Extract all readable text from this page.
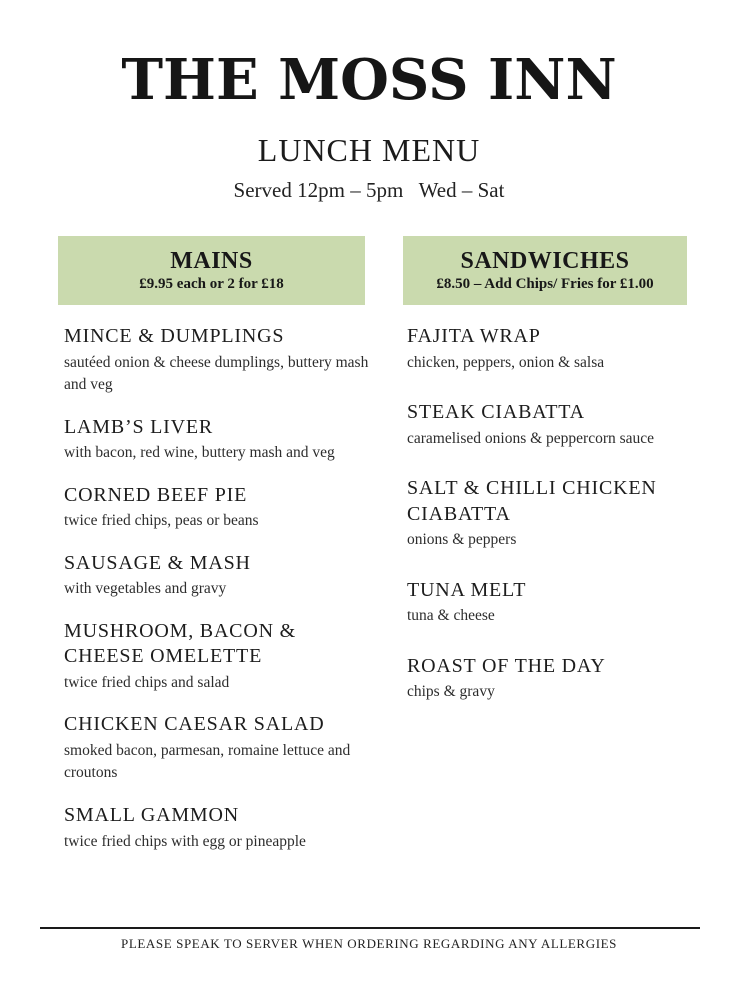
THE MOSS INN
LUNCH MENU
Served 12pm – 5pm   Wed – Sat
MAINS
£9.95 each or 2 for £18
SANDWICHES
£8.50 – Add Chips/ Fries for £1.00
MINCE & DUMPLINGS
sautéed onion & cheese dumplings, buttery mash and veg
LAMB’S LIVER
with bacon, red wine, buttery mash and veg
CORNED BEEF PIE
twice fried chips, peas or beans
SAUSAGE & MASH
with vegetables and gravy
MUSHROOM, BACON & CHEESE OMELETTE
twice fried chips and salad
CHICKEN CAESAR SALAD
smoked bacon, parmesan, romaine lettuce and croutons
SMALL GAMMON
twice fried chips with egg or pineapple
FAJITA WRAP
chicken, peppers, onion & salsa
STEAK CIABATTA
caramelised onions & peppercorn sauce
SALT & CHILLI CHICKEN CIABATTA
onions & peppers
TUNA MELT
tuna & cheese
ROAST OF THE DAY
chips & gravy
PLEASE SPEAK TO SERVER WHEN ORDERING REGARDING ANY ALLERGIES
